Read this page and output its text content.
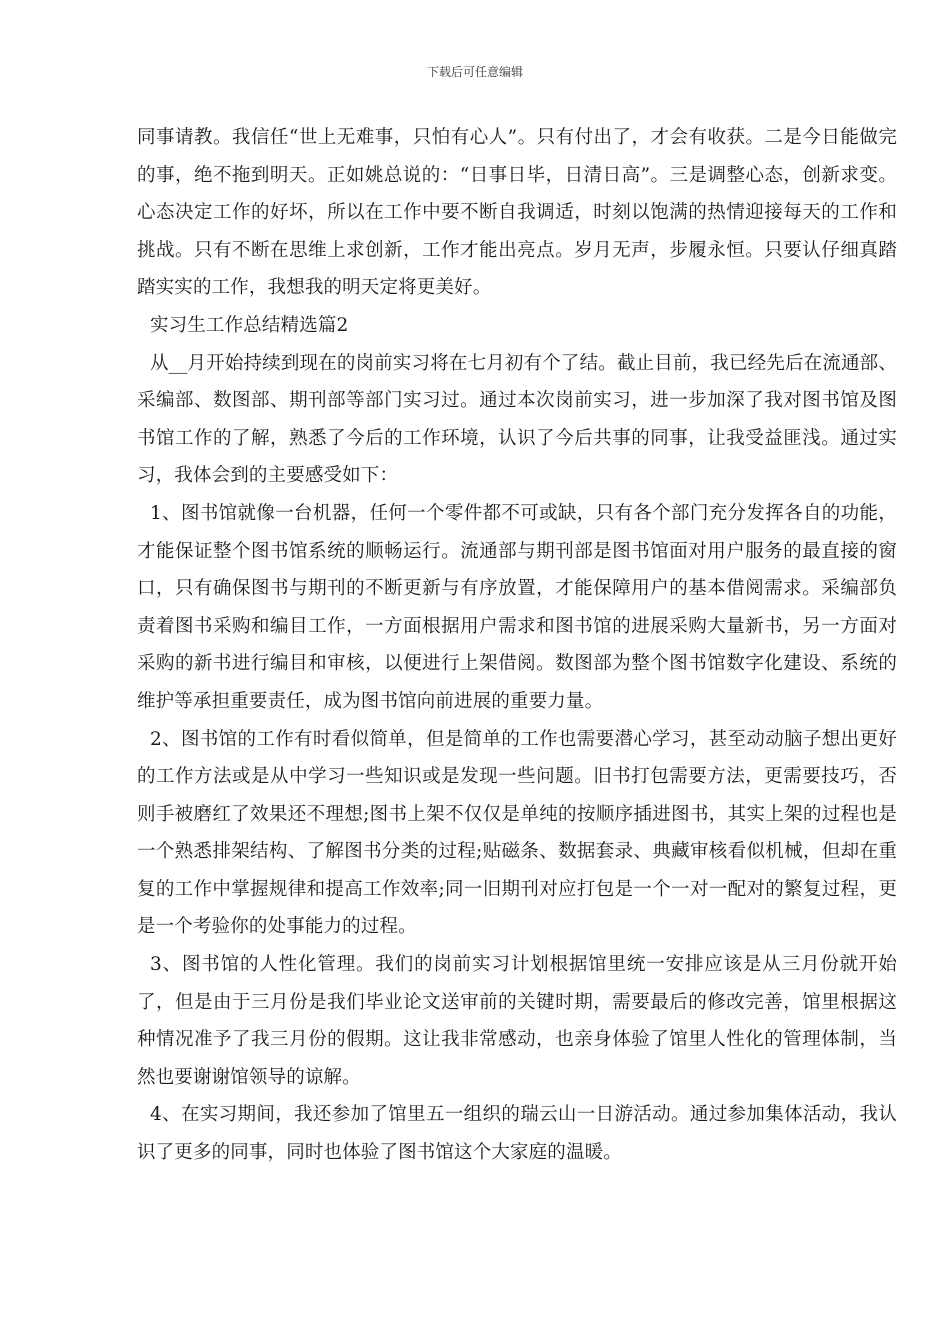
下载后可任意编辑

同事请教。我信任“世上无难事，只怕有心人”。只有付出了，才会有收获。二是今日能做完的事，绝不拖到明天。正如姚总说的：“日事日毕，日清日高”。三是调整心态，创新求变。心态决定工作的好坏，所以在工作中要不断自我调适，时刻以饱满的热情迎接每天的工作和挑战。只有不断在思维上求创新，工作才能出亮点。岁月无声，步履永恒。只要认仔细真踏踏实实的工作，我想我的明天定将更美好。

实习生工作总结精选篇2

从__月开始持续到现在的岗前实习将在七月初有个了结。截止目前，我已经先后在流通部、采编部、数图部、期刊部等部门实习过。通过本次岗前实习，进一步加深了我对图书馆及图书馆工作的了解，熟悉了今后的工作环境，认识了今后共事的同事，让我受益匪浅。通过实习，我体会到的主要感受如下：

1、图书馆就像一台机器，任何一个零件都不可或缺，只有各个部门充分发挥各自的功能，才能保证整个图书馆系统的顺畅运行。流通部与期刊部是图书馆面对用户服务的最直接的窗口，只有确保图书与期刊的不断更新与有序放置，才能保障用户的基本借阅需求。采编部负责着图书采购和编目工作，一方面根据用户需求和图书馆的进展采购大量新书，另一方面对采购的新书进行编目和审核，以便进行上架借阅。数图部为整个图书馆数字化建设、系统的维护等承担重要责任，成为图书馆向前进展的重要力量。

2、图书馆的工作有时看似简单，但是简单的工作也需要潜心学习，甚至动动脑子想出更好的工作方法或是从中学习一些知识或是发现一些问题。旧书打包需要方法，更需要技巧，否则手被磨红了效果还不理想;图书上架不仅仅是单纯的按顺序插进图书，其实上架的过程也是一个熟悉排架结构、了解图书分类的过程;贴磁条、数据套录、典藏审核看似机械，但却在重复的工作中掌握规律和提高工作效率;同一旧期刊对应打包是一个一对一配对的繁复过程，更是一个考验你的处事能力的过程。

3、图书馆的人性化管理。我们的岗前实习计划根据馆里统一安排应该是从三月份就开始了，但是由于三月份是我们毕业论文送审前的关键时期，需要最后的修改完善，馆里根据这种情况准予了我三月份的假期。这让我非常感动，也亲身体验了馆里人性化的管理体制，当然也要谢谢馆领导的谅解。

4、在实习期间，我还参加了馆里五一组织的瑞云山一日游活动。通过参加集体活动，我认识了更多的同事，同时也体验了图书馆这个大家庭的温暖。
